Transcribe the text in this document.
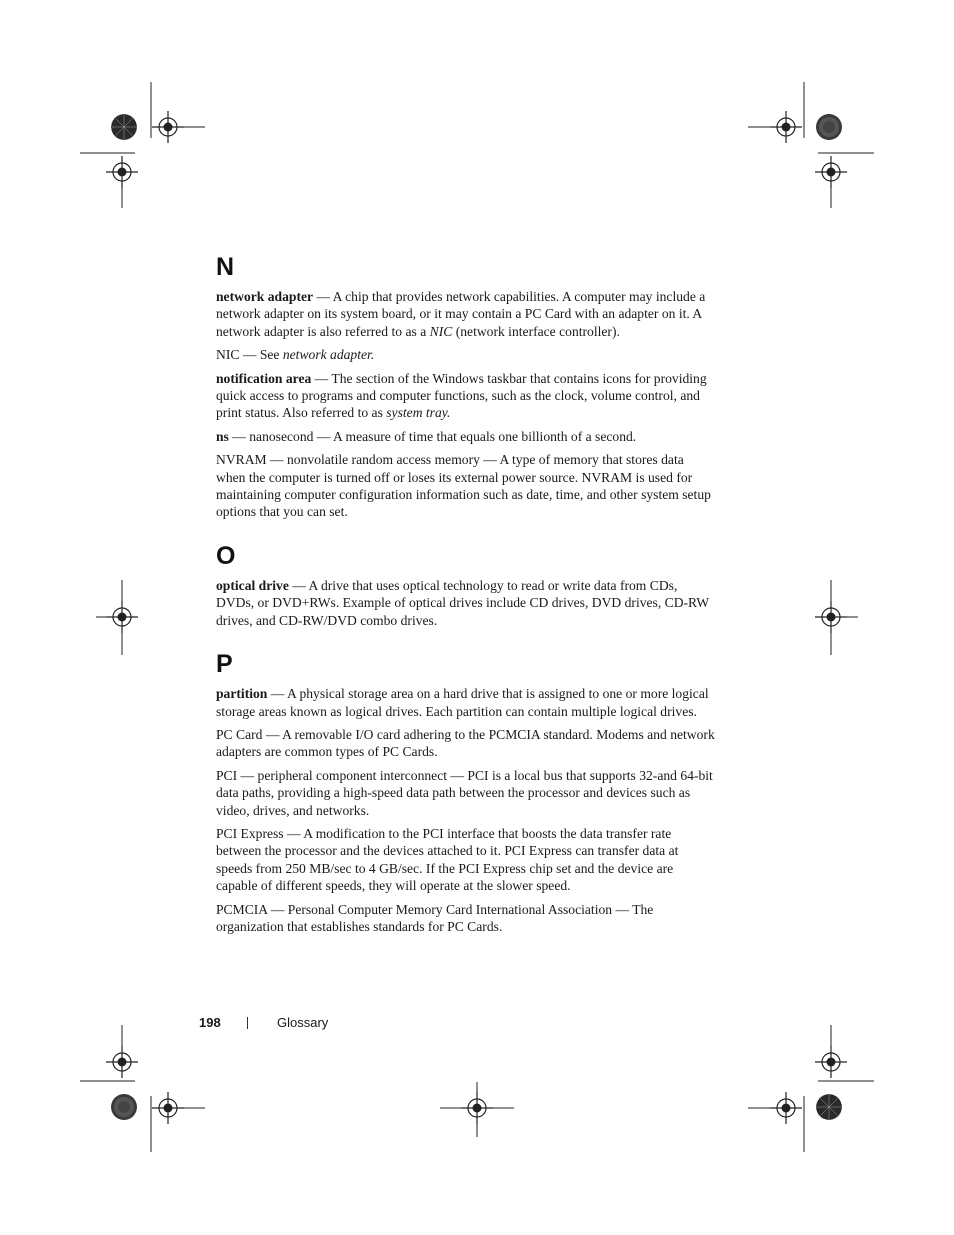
N

network adapter — A chip that provides network capabilities. A computer may include a network adapter on its system board, or it may contain a PC Card with an adapter on it. A network adapter is also referred to as a NIC (network interface controller).

NIC — See network adapter.

notification area — The section of the Windows taskbar that contains icons for providing quick access to programs and computer functions, such as the clock, volume control, and print status. Also referred to as system tray.

ns — nanosecond — A measure of time that equals one billionth of a second.

NVRAM — nonvolatile random access memory — A type of memory that stores data when the computer is turned off or loses its external power source. NVRAM is used for maintaining computer configuration information such as date, time, and other system setup options that you can set.

O

optical drive — A drive that uses optical technology to read or write data from CDs, DVDs, or DVD+RWs. Example of optical drives include CD drives, DVD drives, CD-RW drives, and CD-RW/DVD combo drives.

P

partition — A physical storage area on a hard drive that is assigned to one or more logical storage areas known as logical drives. Each partition can contain multiple logical drives.

PC Card — A removable I/O card adhering to the PCMCIA standard. Modems and network adapters are common types of PC Cards.

PCI — peripheral component interconnect — PCI is a local bus that supports 32-and 64-bit data paths, providing a high-speed data path between the processor and devices such as video, drives, and networks.

PCI Express — A modification to the PCI interface that boosts the data transfer rate between the processor and the devices attached to it. PCI Express can transfer data at speeds from 250 MB/sec to 4 GB/sec. If the PCI Express chip set and the device are capable of different speeds, they will operate at the slower speed.

PCMCIA — Personal Computer Memory Card International Association — The organization that establishes standards for PC Cards.

198	Glossary
